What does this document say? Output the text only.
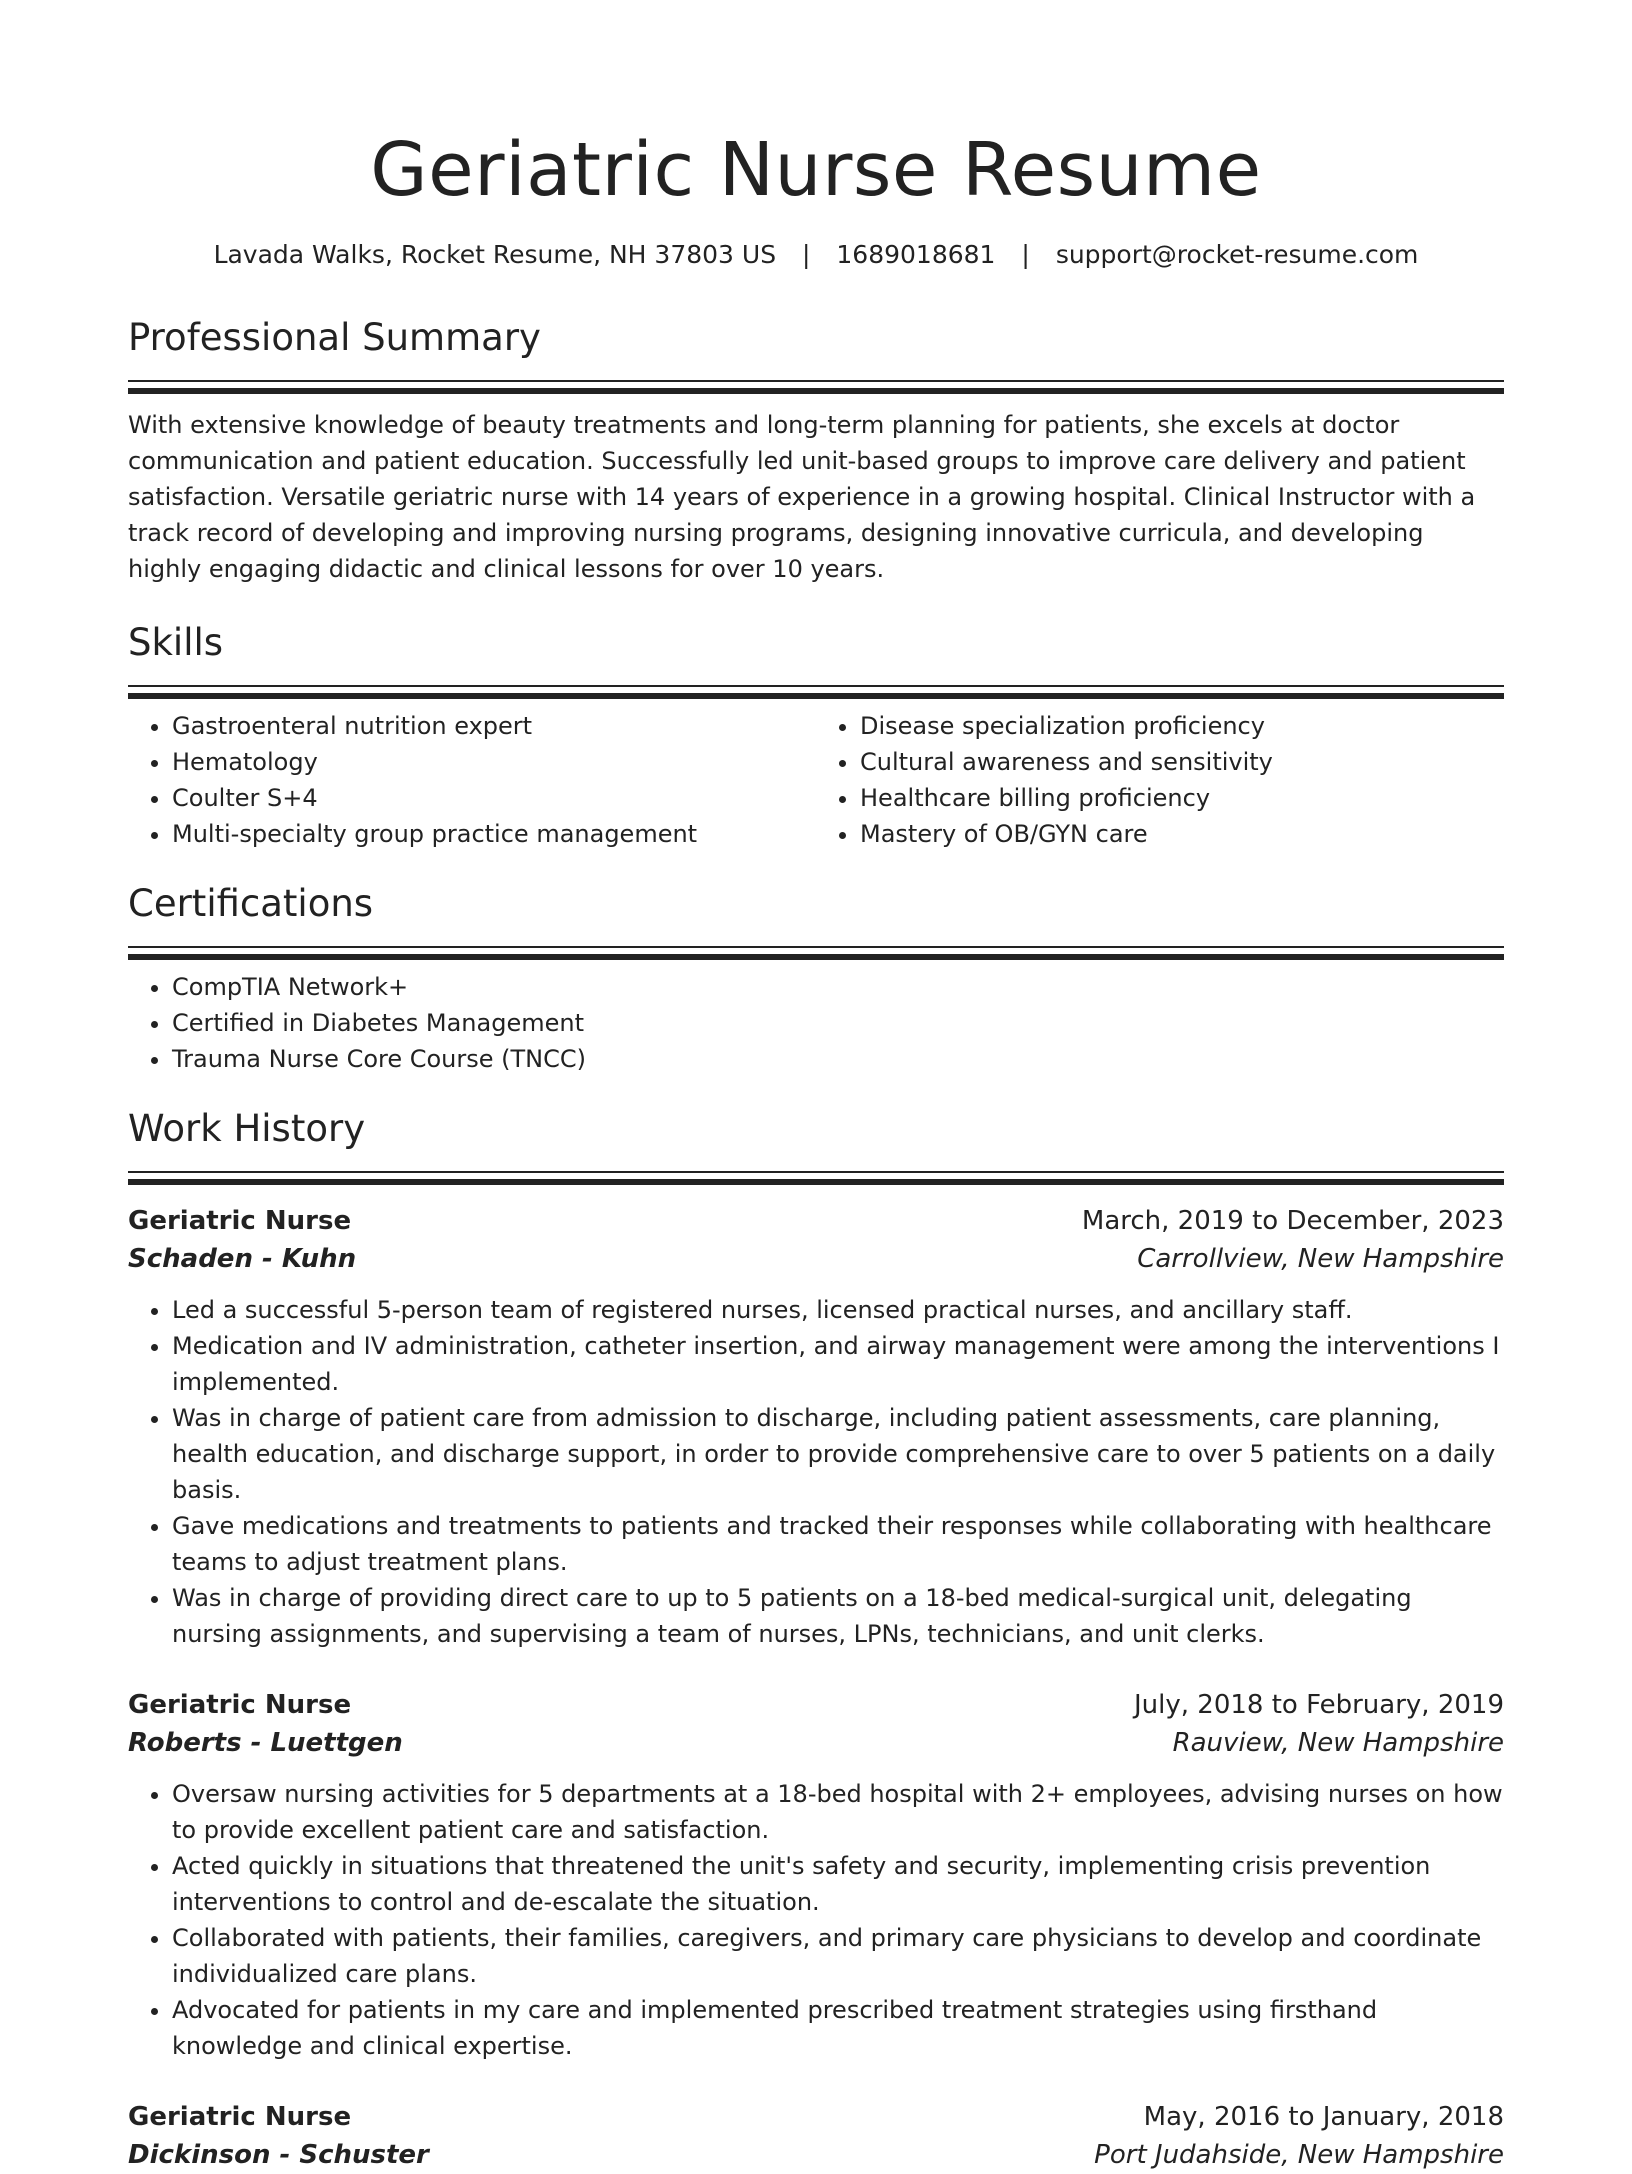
Geriatric Nurse Resume
Lavada Walks, Rocket Resume, NH 37803 US | 1689018681 | support@rocket-resume.com
Professional Summary

With extensive knowledge of beauty treatments and long-term planning for patients, she excels at doctor communication and patient education. Successfully led unit-based groups to improve care delivery and patient satisfaction. Versatile geriatric nurse with 14 years of experience in a growing hospital. Clinical Instructor with a track record of developing and improving nursing programs, designing innovative curricula, and developing highly engaging didactic and clinical lessons for over 10 years.

Skills
• Gastroenteral nutrition expert
• Hematology
• Coulter S+4
• Multi-specialty group practice management
• Disease specialization proficiency
• Cultural awareness and sensitivity
• Healthcare billing proficiency
• Mastery of OB/GYN care
Certifications
• CompTIA Network+
• Certified in Diabetes Management
• Trauma Nurse Core Course (TNCC)
Work History
Geriatric Nurse	March, 2019 to December, 2023
Schaden - Kuhn	Carrollview, New Hampshire
• Led a successful 5-person team of registered nurses, licensed practical nurses, and ancillary staff.
• Medication and IV administration, catheter insertion, and airway management were among the interventions I implemented.
• Was in charge of patient care from admission to discharge, including patient assessments, care planning, health education, and discharge support, in order to provide comprehensive care to over 5 patients on a daily basis.
• Gave medications and treatments to patients and tracked their responses while collaborating with healthcare teams to adjust treatment plans.
• Was in charge of providing direct care to up to 5 patients on a 18-bed medical-surgical unit, delegating nursing assignments, and supervising a team of nurses, LPNs, technicians, and unit clerks.
Geriatric Nurse	July, 2018 to February, 2019
Roberts - Luettgen	Rauview, New Hampshire
• Oversaw nursing activities for 5 departments at a 18-bed hospital with 2+ employees, advising nurses on how to provide excellent patient care and satisfaction.
• Acted quickly in situations that threatened the unit's safety and security, implementing crisis prevention interventions to control and de-escalate the situation.
• Collaborated with patients, their families, caregivers, and primary care physicians to develop and coordinate individualized care plans.
• Advocated for patients in my care and implemented prescribed treatment strategies using firsthand knowledge and clinical expertise.
Geriatric Nurse	May, 2016 to January, 2018
Dickinson - Schuster	Port Judahside, New Hampshire
